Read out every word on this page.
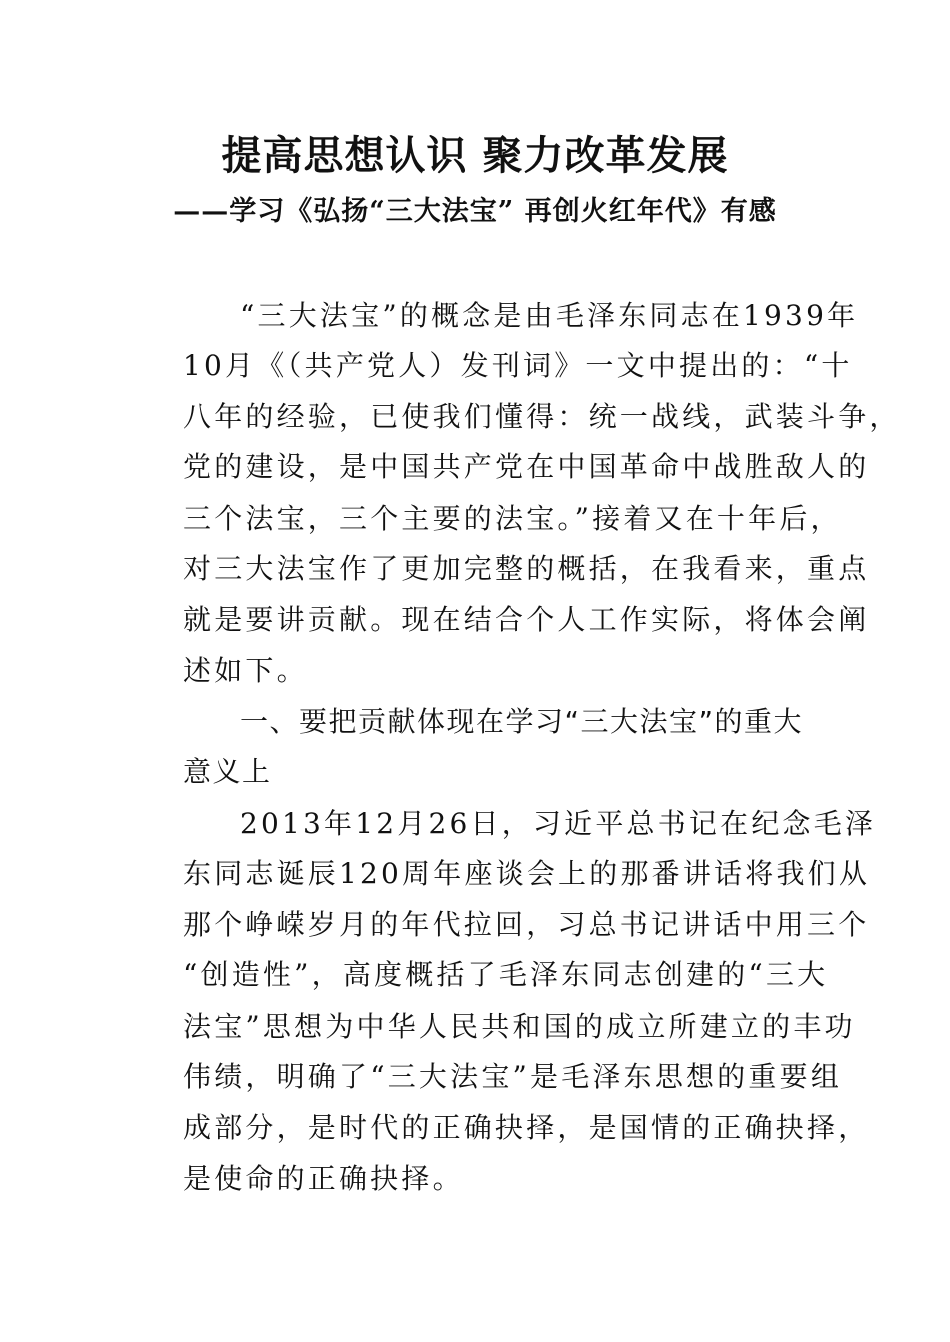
提高思想认识 聚力改革发展
——学习《弘扬“三大法宝” 再创火红年代》有感
“三大法宝”的概念是由毛泽东同志在1939年
10月《（共产党人）发刊词》一文中提出的：“十
八年的经验，已使我们懂得：统一战线，武装斗争，
党的建设，是中国共产党在中国革命中战胜敌人的
三个法宝，三个主要的法宝。”接着又在十年后，
对三大法宝作了更加完整的概括，在我看来，重点
就是要讲贡献。现在结合个人工作实际，将体会阐
述如下。
一、要把贡献体现在学习“三大法宝”的重大
意义上
2013年12月26日，习近平总书记在纪念毛泽
东同志诞辰120周年座谈会上的那番讲话将我们从
那个峥嵘岁月的年代拉回，习总书记讲话中用三个
“创造性”，高度概括了毛泽东同志创建的“三大
法宝”思想为中华人民共和国的成立所建立的丰功
伟绩，明确了“三大法宝”是毛泽东思想的重要组
成部分，是时代的正确抉择，是国情的正确抉择，
是使命的正确抉择。
